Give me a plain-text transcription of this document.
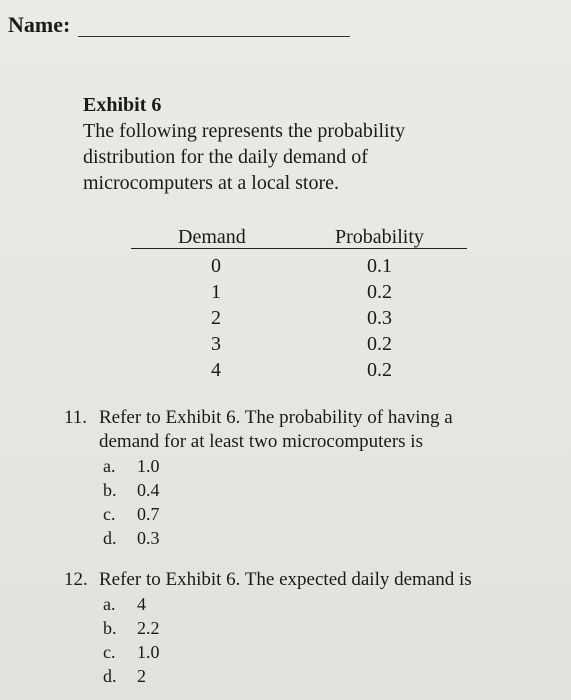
Name:
Exhibit 6
The following represents the probability distribution for the daily demand of microcomputers at a local store.
Demand	Probability
0	0.1
1	0.2
2	0.3
3	0.2
4	0.2
11. Refer to Exhibit 6. The probability of having a
demand for at least two microcomputers is
a. 1.0
b. 0.4
c. 0.7
d. 0.3
12. Refer to Exhibit 6. The expected daily demand is
a. 4
b. 2.2
c. 1.0
d. 2
